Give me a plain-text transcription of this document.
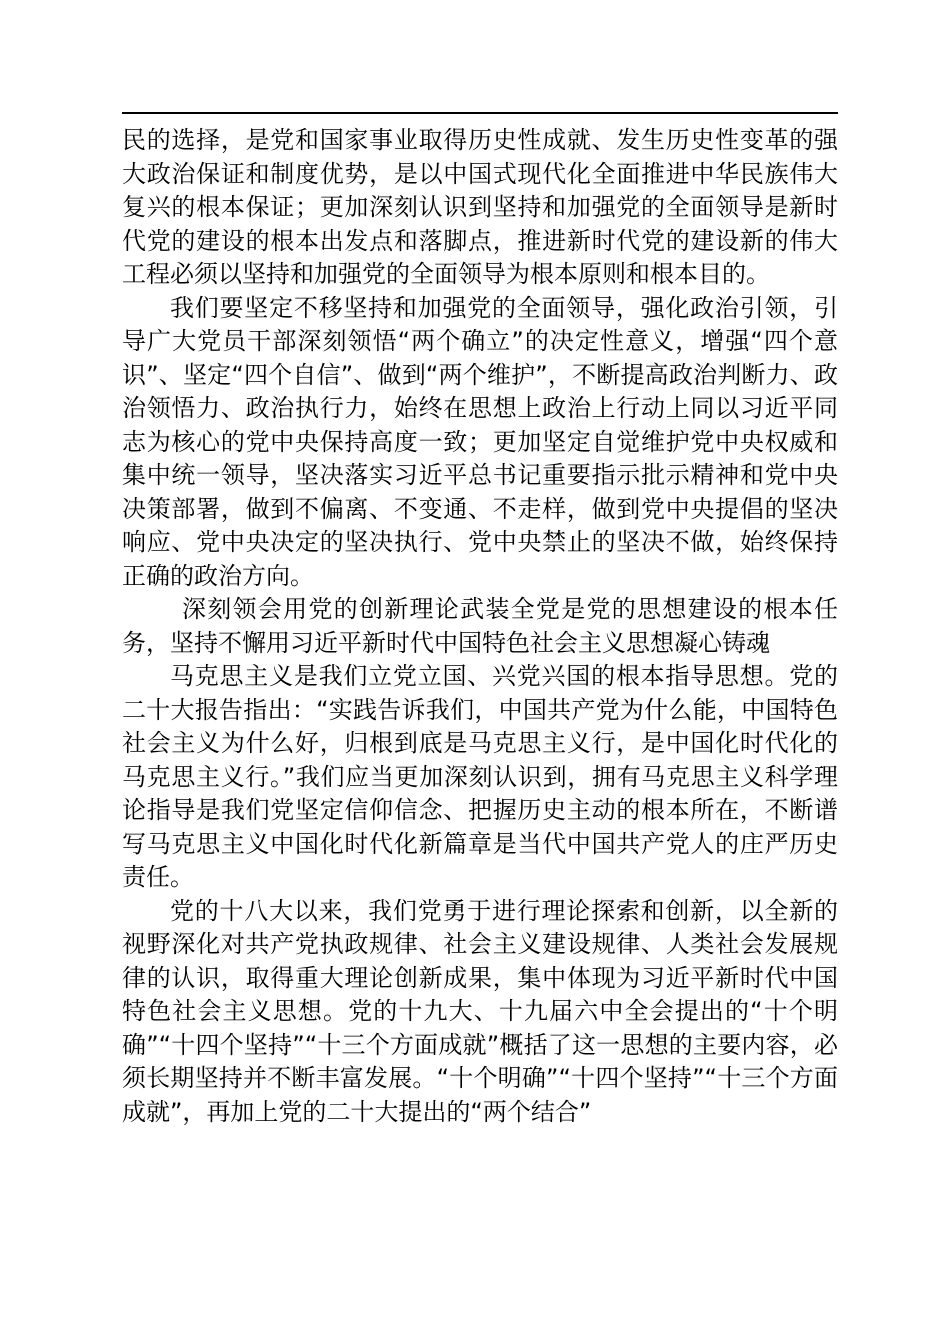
民的选择，是党和国家事业取得历史性成就、发生历史性变革的强大政治保证和制度优势，是以中国式现代化全面推进中华民族伟大复兴的根本保证；更加深刻认识到坚持和加强党的全面领导是新时代党的建设的根本出发点和落脚点，推进新时代党的建设新的伟大工程必须以坚持和加强党的全面领导为根本原则和根本目的。

我们要坚定不移坚持和加强党的全面领导，强化政治引领，引导广大党员干部深刻领悟“两个确立”的决定性意义，增强“四个意识”、坚定“四个自信”、做到“两个维护”，不断提高政治判断力、政治领悟力、政治执行力，始终在思想上政治上行动上同以习近平同志为核心的党中央保持高度一致；更加坚定自觉维护党中央权威和集中统一领导，坚决落实习近平总书记重要指示批示精神和党中央决策部署，做到不偏离、不变通、不走样，做到党中央提倡的坚决响应、党中央决定的坚决执行、党中央禁止的坚决不做，始终保持正确的政治方向。

深刻领会用党的创新理论武装全党是党的思想建设的根本任务，坚持不懈用习近平新时代中国特色社会主义思想凝心铸魂

马克思主义是我们立党立国、兴党兴国的根本指导思想。党的二十大报告指出：“实践告诉我们，中国共产党为什么能，中国特色社会主义为什么好，归根到底是马克思主义行，是中国化时代化的马克思主义行。”我们应当更加深刻认识到，拥有马克思主义科学理论指导是我们党坚定信仰信念、把握历史主动的根本所在，不断谱写马克思主义中国化时代化新篇章是当代中国共产党人的庄严历史责任。

党的十八大以来，我们党勇于进行理论探索和创新，以全新的视野深化对共产党执政规律、社会主义建设规律、人类社会发展规律的认识，取得重大理论创新成果，集中体现为习近平新时代中国特色社会主义思想。党的十九大、十九届六中全会提出的“十个明确”“十四个坚持”“十三个方面成就”概括了这一思想的主要内容，必须长期坚持并不断丰富发展。“十个明确”“十四个坚持”“十三个方面成就”，再加上党的二十大提出的“两个结合”
